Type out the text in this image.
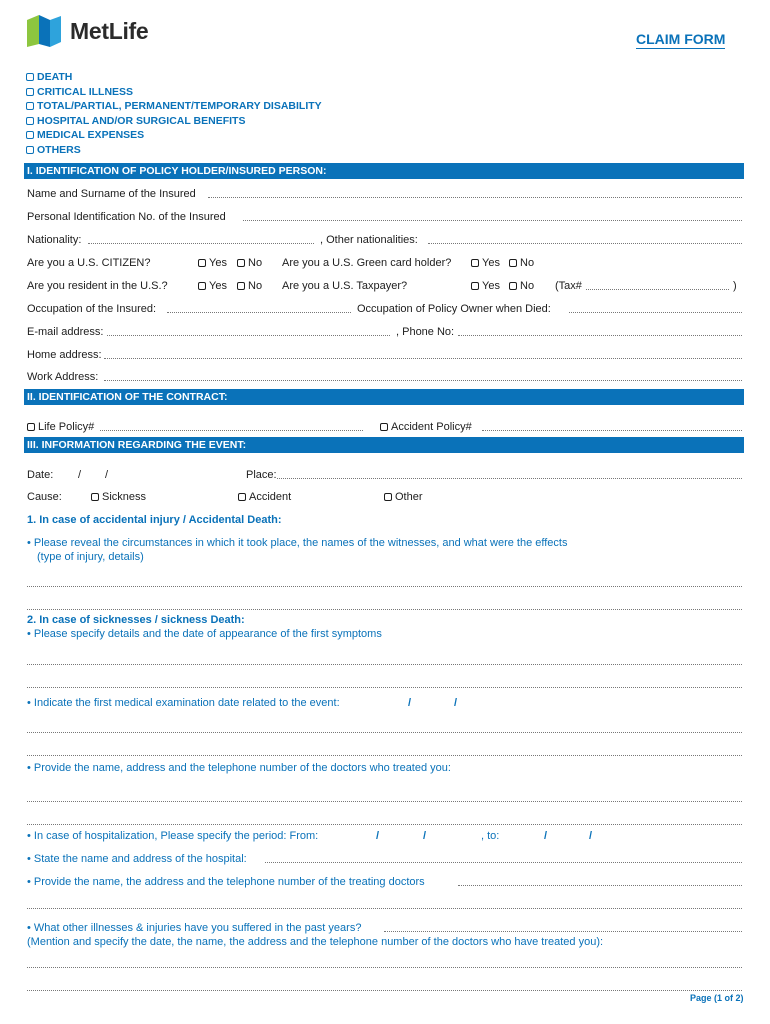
MetLife	CLAIM FORM
DEATH
CRITICAL ILLNESS
TOTAL/PARTIAL, PERMANENT/TEMPORARY DISABILITY
HOSPITAL AND/OR SURGICAL BENEFITS
MEDICAL EXPENSES
OTHERS
I. IDENTIFICATION OF POLICY HOLDER/INSURED PERSON:
Name and Surname of the Insured
Personal Identification No. of the Insured
Nationality:	, Other nationalities:
Are you a U.S. CITIZEN?	Yes	No Are you a U.S. Green card holder?	Yes	No
Are you resident in the U.S.?	Yes	No Are you a U.S. Taxpayer?	Yes	No (Tax#	)
Occupation of the Insured:	Occupation of Policy Owner when Died:
E-mail address:	, Phone No:
Home address:
Work Address:
II. IDENTIFICATION OF THE CONTRACT:
Life Policy#	Accident Policy#
III. INFORMATION REGARDING THE EVENT:
Date: / /	Place:
Cause:	Sickness	Accident	Other
1. In case of accidental injury / Accidental Death:
• Please reveal the circumstances in which it took place, the names of the witnesses, and what were the effects
(type of injury, details)
2. In case of sicknesses / sickness Death:
• Please specify details and the date of appearance of the first symptoms
• Indicate the first medical examination date related to the event:	/	/
• Provide the name, address and the telephone number of the doctors who treated you:
• In case of hospitalization, Please specify the period: From:	/	/	, to:	/	/
• State the name and address of the hospital:
• Provide the name, the address and the telephone number of the treating doctors
• What other illnesses & injuries have you suffered in the past years?
(Mention and specify the date, the name, the address and the telephone number of the doctors who have treated you):
Page (1 of 2)
